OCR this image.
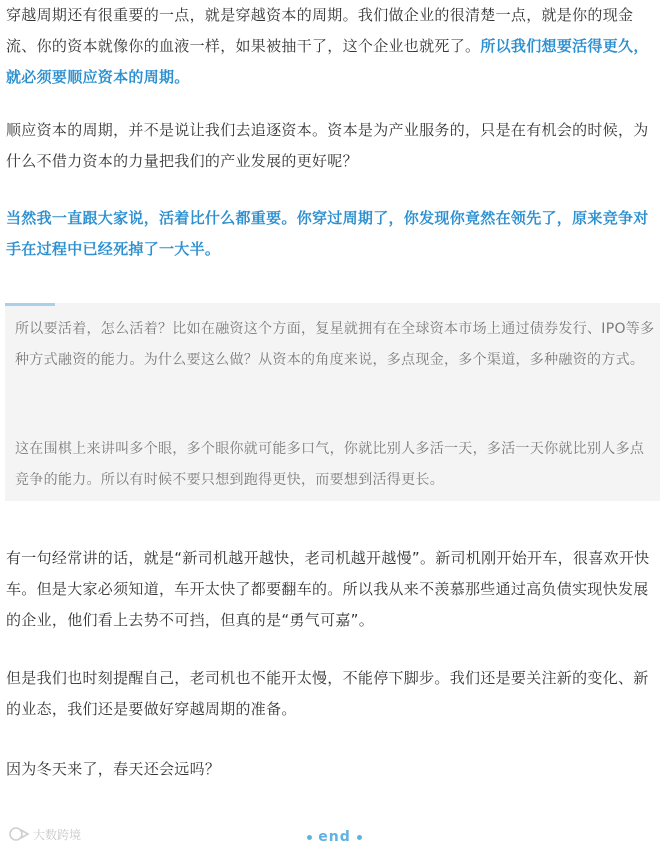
穿越周期还有很重要的一点，就是穿越资本的周期。我们做企业的很清楚一点，就是你的现金流、你的资本就像你的血液一样，如果被抽干了，这个企业也就死了。所以我们想要活得更久，就必须要顺应资本的周期。

顺应资本的周期，并不是说让我们去追逐资本。资本是为产业服务的，只是在有机会的时候，为什么不借力资本的力量把我们的产业发展的更好呢？

当然我一直跟大家说，活着比什么都重要。你穿过周期了，你发现你竟然在领先了，原来竞争对手在过程中已经死掉了一大半。

所以要活着，怎么活着？比如在融资这个方面，复星就拥有在全球资本市场上通过债券发行、IPO等多种方式融资的能力。为什么要这么做？从资本的角度来说，多点现金，多个渠道，多种融资的方式。

这在围棋上来讲叫多个眼，多个眼你就可能多口气，你就比别人多活一天，多活一天你就比别人多点竞争的能力。所以有时候不要只想到跑得更快，而要想到活得更长。

有一句经常讲的话，就是“新司机越开越快，老司机越开越慢”。新司机刚开始开车，很喜欢开快车。但是大家必须知道，车开太快了都要翻车的。所以我从来不羡慕那些通过高负债实现快发展的企业，他们看上去势不可挡，但真的是“勇气可嘉”。

但是我们也时刻提醒自己，老司机也不能开太慢，不能停下脚步。我们还是要关注新的变化、新的业态，我们还是要做好穿越周期的准备。

因为冬天来了，春天还会远吗？

大数跨境	end
